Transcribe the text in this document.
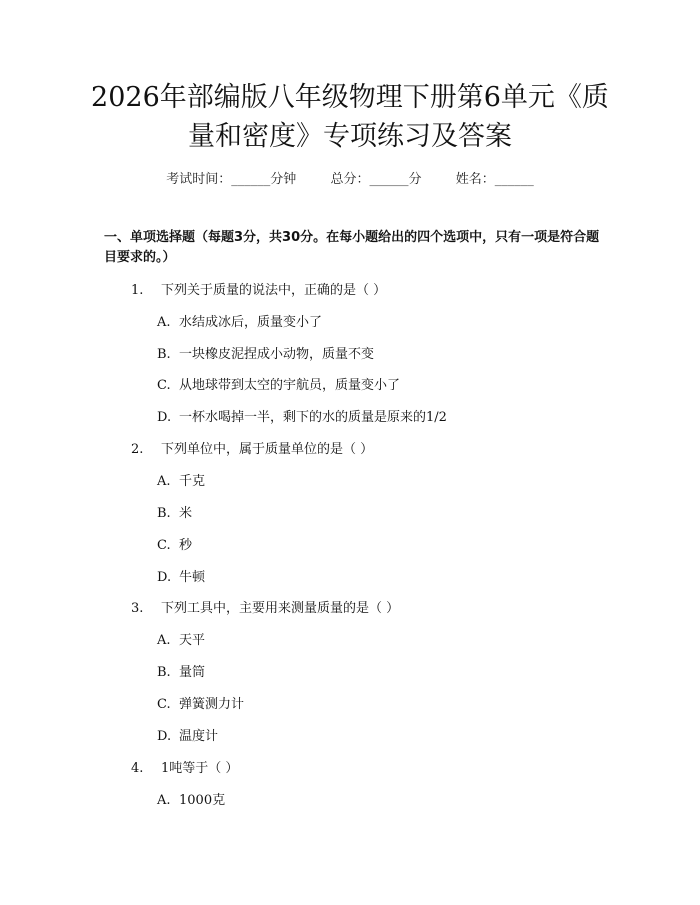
2026年部编版八年级物理下册第6单元《质量和密度》专项练习及答案
考试时间：______分钟	总分：______分	姓名：______
一、单项选择题（每题3分，共30分。在每小题给出的四个选项中，只有一项是符合题目要求的。）
1. 下列关于质量的说法中，正确的是（ ）
A. 水结成冰后，质量变小了
B. 一块橡皮泥捏成小动物，质量不变
C. 从地球带到太空的宇航员，质量变小了
D. 一杯水喝掉一半，剩下的水的质量是原来的1/2
2. 下列单位中，属于质量单位的是（ ）
A. 千克
B. 米
C. 秒
D. 牛顿
3. 下列工具中，主要用来测量质量的是（ ）
A. 天平
B. 量筒
C. 弹簧测力计
D. 温度计
4. 1吨等于（ ）
A. 1000克
